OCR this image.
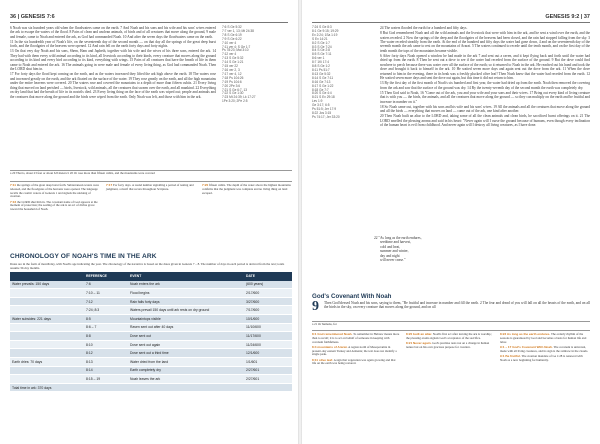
36 | GENESIS 7:6

6 Noah was six hundred years old when the floodwaters came on the earth. 7 And Noah and his sons and his wife and his sons' wives entered the ark to escape the waters of the flood. 8 Pairs of clean and unclean animals, of birds and of all creatures that move along the ground, 9 male and female, came to Noah and entered the ark, as God had commanded Noah. 10 And after the seven days the floodwaters came on the earth.

11 In the six hundredth year of Noah's life, on the seventeenth day of the second month — on that day all the springs of the great deep burst forth, and the floodgates of the heavens were opened. 12 And rain fell on the earth forty days and forty nights.

13 On that very day Noah and his sons, Shem, Ham and Japheth, together with his wife and the wives of his three sons, entered the ark. 14 They had with them every wild animal according to its kind, all livestock according to their kinds, every creature that moves along the ground according to its kind and every bird according to its kind, everything with wings. 15 Pairs of all creatures that have the breath of life in them came to Noah and entered the ark. 16 The animals going in were male and female of every living thing, as God had commanded Noah. Then the LORD shut him in.

17 For forty days the flood kept coming on the earth, and as the waters increased they lifted the ark high above the earth. 18 The waters rose and increased greatly on the earth, and the ark floated on the surface of the water. 19 They rose greatly on the earth, and all the high mountains under the entire heavens were covered. 20 The waters rose and covered the mountains to a depth of more than fifteen cubits. 21 Every living thing that moved on land perished — birds, livestock, wild animals, all the creatures that swarm over the earth, and all mankind. 22 Everything on dry land that had the breath of life in its nostrils died. 23 Every living thing on the face of the earth was wiped out; people and animals and the creatures that move along the ground and the birds were wiped from the earth. Only Noah was left, and those with him in the ark.

7:6 S Ge 5:32
7:7 ver 1, 13; Mt 24:38
7:8 S Ge 6:19
7:9 S Ge 6:22
7:10 ver 4
7:11 ver 4; S Ge 1:7
Ps 78:23; Mal 3:10
7:12 ver 4
7:13 S Ge 5:32
7:14 S Ge 1:21
7:15 ver 22
7:16 ver 2, 3
7:17 ver 4, 12
7:18 Ps 104:26
7:19 Ps 104:6
7:20 2Pe 3:6
7:21 S Ge 6:7, 13
7:22 S Ge 1:30
7:23 Mt 24:39; Lk 17:27
1Pe 3:20; 2Pe 2:5
a 20 That is, about 23 feet or about 6.8 meters b 20 Or rose more than fifteen cubits, and the mountains were covered

7:11 the springs of the great deep burst forth. Subterranean waters were released, and the floodgates of the heavens were opened. The language recalls the cosmic waters of Genesis 1 and signals the undoing of creation.

7:16 the LORD shut him in. The covenant name of God appears at the moment of protection; the sealing of the ark is an act of divine grace toward the household of Noah.

7:17 For forty days. A round number signalling a period of testing and judgment, a motif that recurs throughout Scripture.

7:20 fifteen cubits. The depth of the water above the highest mountains confirms that the judgment was complete and no living thing on land escaped.

CHRONOLOGY OF NOAH'S TIME IN THE ARK
Dates are in the form of month/day, with Noah's age indicating the year. The chronology of the narrative is based on the dates given in Genesis 7 – 8. The number of days in each period is derived from the text; totals assume 30-day months.
	REFERENCE	EVENT	DATE
Water prevails: 150 days	7:6	Noah enters the ark	(600 years)
	7:10 – 11	Flood begins	2/17/600
	7:12	Rain falls forty days	3/27/600
	7:24; 8:3	Waters prevail 150 days until ark rests on dry ground	7/17/600
Water subsides: 221 days	8:5	Mountaintops visible	10/1/600
	8:6 – 7	Raven sent out after 40 days	11/10/600
	8:8	Dove sent out	11/17/600
	8:10	Dove sent out again	11/24/600
	8:12	Dove sent out a third time	12/1/600
Earth dries: 70 days	8:13	Water dried from the land	1/1/601
	8:14	Earth completely dry	2/27/601
	8:15 – 19	Noah leaves the ark	2/27/601
Total time in ark: 370 days			
GENESIS 9:2 | 37
7:24 S Ge 8:3
8:1 Ge 9:15; 19:29
Ex 2:24; 1Sa 1:19
S Ex 14:21
8:2 S Ge 1:7
8:3 S Ge 7:24
8:4 S Ge 2:8
8:5 S Ge 7:11
8:6 ver 1
8:7 1Ki 17:4
8:8 S Ge 1:2
8:11 Ps 51:7
8:13 Ge 5:32
8:14 S Ge 7:11
8:16 Ge 7:13
8:17 S Ge 1:22
8:18 Ge 7:7
8:20 S Ge 4:4
8:21 S Ex 29:18
Lev 1:9
Ge 3:17; 6:5
Ps 51:5; Jer 17:9
8:22 Jos 3:15
Ps 74:17; Jer 33:20

24 The waters flooded the earth for a hundred and fifty days.

8 But God remembered Noah and all the wild animals and the livestock that were with him in the ark, and he sent a wind over the earth, and the waters receded. 2 Now the springs of the deep and the floodgates of the heavens had been closed, and the rain had stopped falling from the sky. 3 The water receded steadily from the earth. At the end of the hundred and fifty days the water had gone down, 4 and on the seventeenth day of the seventh month the ark came to rest on the mountains of Ararat. 5 The waters continued to recede until the tenth month, and on the first day of the tenth month the tops of the mountains became visible.

6 After forty days Noah opened a window he had made in the ark 7 and sent out a raven, and it kept flying back and forth until the water had dried up from the earth. 8 Then he sent out a dove to see if the water had receded from the surface of the ground. 9 But the dove could find nowhere to perch because there was water over all the surface of the earth; so it returned to Noah in the ark. He reached out his hand and took the dove and brought it back to himself in the ark. 10 He waited seven more days and again sent out the dove from the ark. 11 When the dove returned to him in the evening, there in its beak was a freshly plucked olive leaf! Then Noah knew that the water had receded from the earth. 12 He waited seven more days and sent the dove out again, but this time it did not return to him.

13 By the first day of the first month of Noah's six hundred and first year, the water had dried up from the earth. Noah then removed the covering from the ark and saw that the surface of the ground was dry. 14 By the twenty-seventh day of the second month the earth was completely dry.

15 Then God said to Noah, 16 "Come out of the ark, you and your wife and your sons and their wives. 17 Bring out every kind of living creature that is with you — the birds, the animals, and all the creatures that move along the ground — so they can multiply on the earth and be fruitful and increase in number on it."

18 So Noah came out, together with his sons and his wife and his sons' wives. 19 All the animals and all the creatures that move along the ground and all the birds — everything that moves on land — came out of the ark, one kind after another.

20 Then Noah built an altar to the LORD and, taking some of all the clean animals and clean birds, he sacrificed burnt offerings on it. 21 The LORD smelled the pleasing aroma and said in his heart: "Never again will I curse the ground because of humans, even though every inclination of the human heart is evil from childhood. And never again will I destroy all living creatures, as I have done.

22 "As long as the earth endures,
seedtime and harvest,
cold and heat,
summer and winter,
day and night
will never cease."
God's Covenant With Noah
9 Then God blessed Noah and his sons, saying to them, "Be fruitful and increase in number and fill the earth. 2 The fear and dread of you will fall on all the beasts of the earth, and on all the birds in the sky, on every creature that moves along the ground, and on all
a 21 Or humans, for

8:1 God remembered Noah. To remember in Hebrew means more than to recall; it is to act on behalf of someone in keeping with covenant faithfulness.

8:4 mountains of Ararat. A region north of Mesopotamia in present-day eastern Turkey and Armenia; the text does not identify a single peak.

8:11 olive leaf. A sign that vegetation was again growing and that life on the earth was being restored.

8:20 built an altar. Noah's first act after leaving the ark is worship; the pleasing aroma signals God's acceptance of the sacrifice.

8:21 Never again. God's promise rests not on a change in human nature but on his own gracious purpose for creation.

8:22 As long as the earth endures. The orderly rhythm of the seasons is guaranteed by God and becomes a basis for human life and labor.

9:1 – 17 God's Covenant With Noah. The covenant is universal, made with all living creatures, and its sign is the rainbow in the clouds.

9:1 Be fruitful. The creation mandate of Ge 1:28 is renewed with Noah as a new beginning for humanity.
